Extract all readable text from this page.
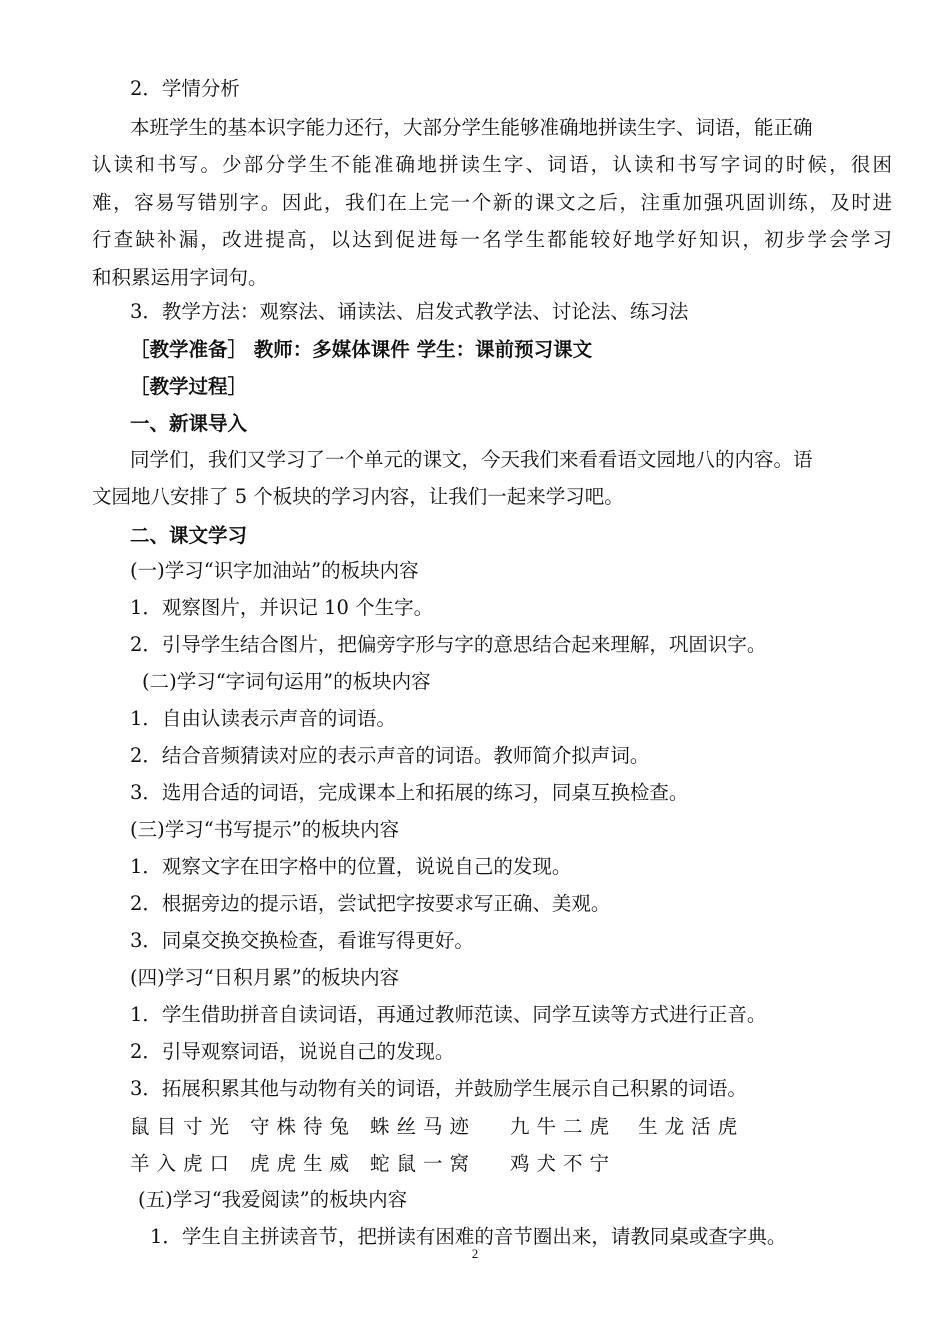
2．学情分析
本班学生的基本识字能力还行，大部分学生能够准确地拼读生字、词语，能正确
认读和书写。少部分学生不能准确地拼读生字、词语，认读和书写字词的时候，很困
难，容易写错别字。因此，我们在上完一个新的课文之后，注重加强巩固训练，及时进
行查缺补漏，改进提高，以达到促进每一名学生都能较好地学好知识，初步学会学习
和积累运用字词句。
3．教学方法：观察法、诵读法、启发式教学法、讨论法、练习法
［教学准备］ 教师：多媒体课件 学生：课前预习课文
［教学过程］
一、新课导入
同学们，我们又学习了一个单元的课文，今天我们来看看语文园地八的内容。语
文园地八安排了 5 个板块的学习内容，让我们一起来学习吧。
二、课文学习
(一)学习“识字加油站”的板块内容
1．观察图片，并识记 10 个生字。
2．引导学生结合图片，把偏旁字形与字的意思结合起来理解，巩固识字。
(二)学习“字词句运用”的板块内容
1．自由认读表示声音的词语。
2．结合音频猜读对应的表示声音的词语。教师简介拟声词。
3．选用合适的词语，完成课本上和拓展的练习，同桌互换检查。
(三)学习“书写提示”的板块内容
1．观察文字在田字格中的位置，说说自己的发现。
2．根据旁边的提示语，尝试把字按要求写正确、美观。
3．同桌交换交换检查，看谁写得更好。
(四)学习“日积月累”的板块内容
1．学生借助拼音自读词语，再通过教师范读、同学互读等方式进行正音。
2．引导观察词语，说说自己的发现。
3．拓展积累其他与动物有关的词语，并鼓励学生展示自己积累的词语。
鼠目寸光 守株待兔 蛛丝马迹 九牛二虎 生龙活虎
羊入虎口 虎虎生威 蛇鼠一窝 鸡犬不宁
(五)学习“我爱阅读”的板块内容
1．学生自主拼读音节，把拼读有困难的音节圈出来，请教同桌或查字典。
2
